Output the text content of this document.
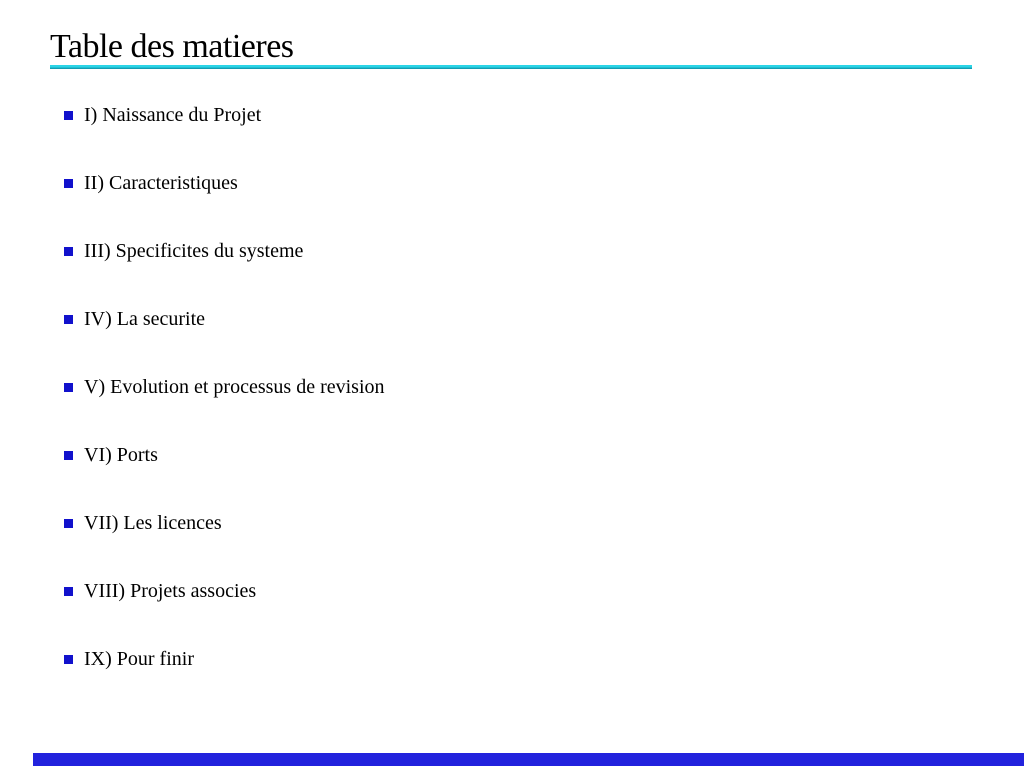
Table des matieres
I) Naissance du Projet
II) Caracteristiques
III) Specificites du systeme
IV) La securite
V) Evolution et processus de revision
VI) Ports
VII) Les licences
VIII) Projets associes
IX) Pour finir
